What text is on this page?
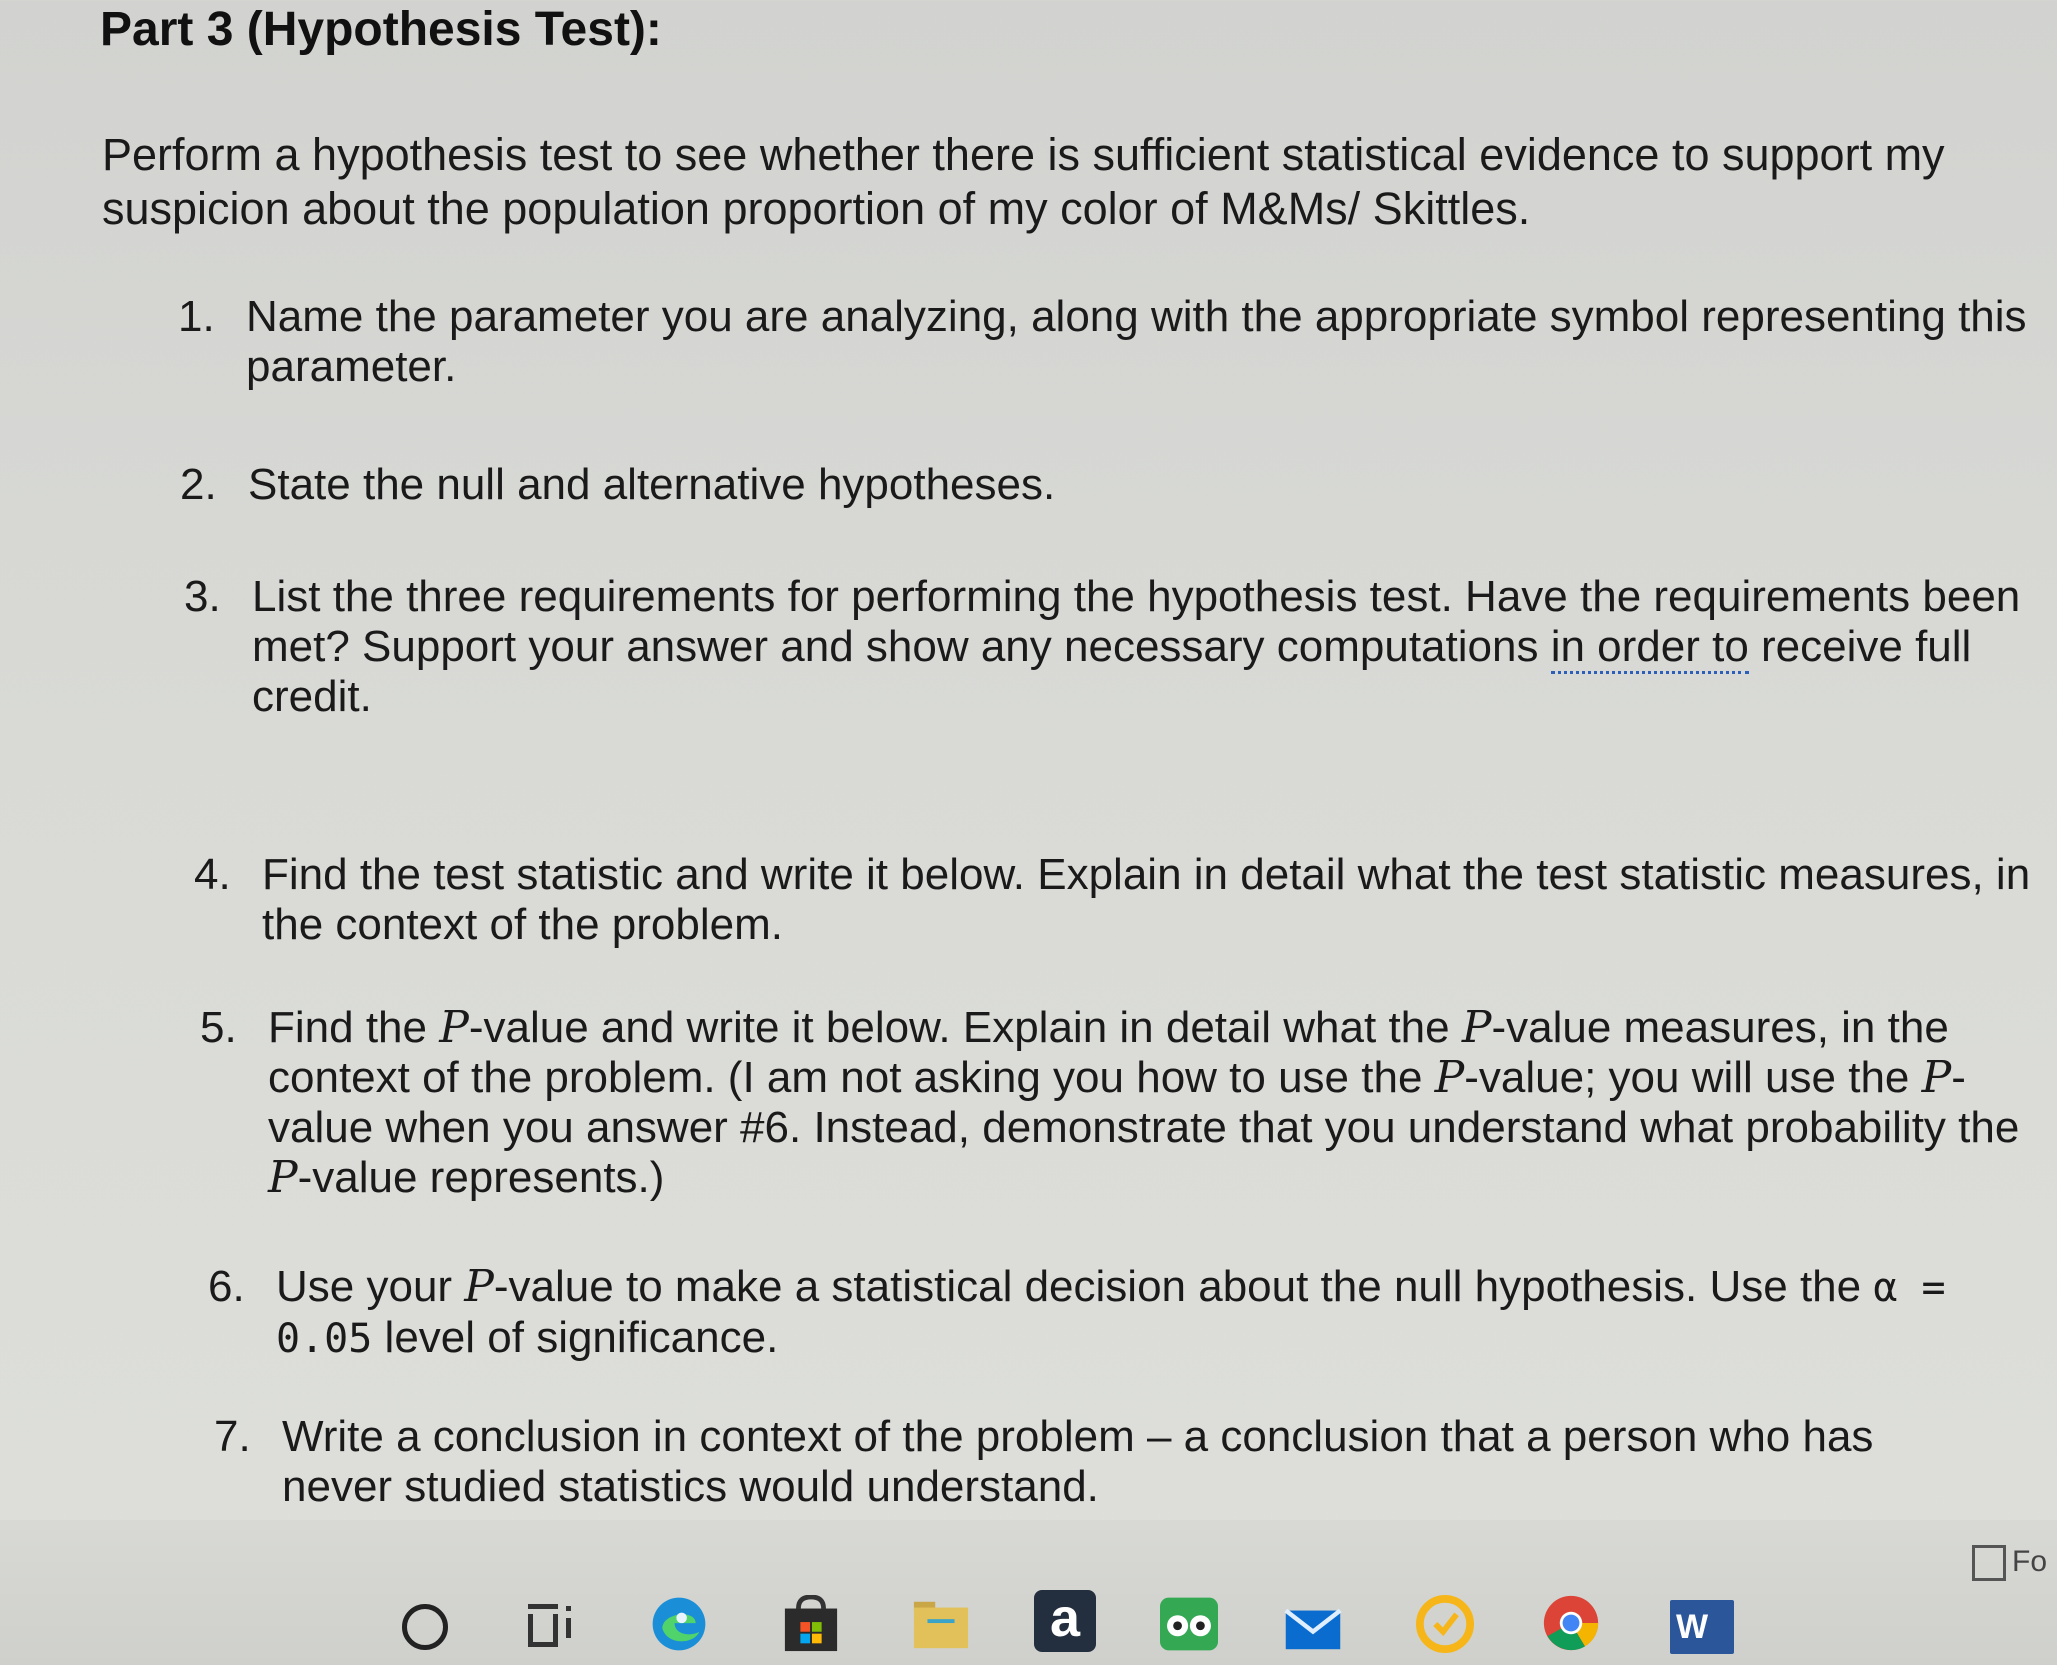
Part 3 (Hypothesis Test):
Perform a hypothesis test to see whether there is sufficient statistical evidence to support my suspicion about the population proportion of my color of M&Ms/ Skittles.
1. Name the parameter you are analyzing, along with the appropriate symbol representing this parameter.
2. State the null and alternative hypotheses.
3. List the three requirements for performing the hypothesis test. Have the requirements been met? Support your answer and show any necessary computations in order to receive full credit.
4. Find the test statistic and write it below. Explain in detail what the test statistic measures, in the context of the problem.
5. Find the P-value and write it below. Explain in detail what the P-value measures, in the context of the problem. (I am not asking you how to use the P-value; you will use the P-value when you answer #6. Instead, demonstrate that you understand what probability the P-value represents.)
6. Use your P-value to make a statistical decision about the null hypothesis. Use the α = 0.05 level of significance.
7. Write a conclusion in context of the problem – a conclusion that a person who has never studied statistics would understand.
a	W
Fo
